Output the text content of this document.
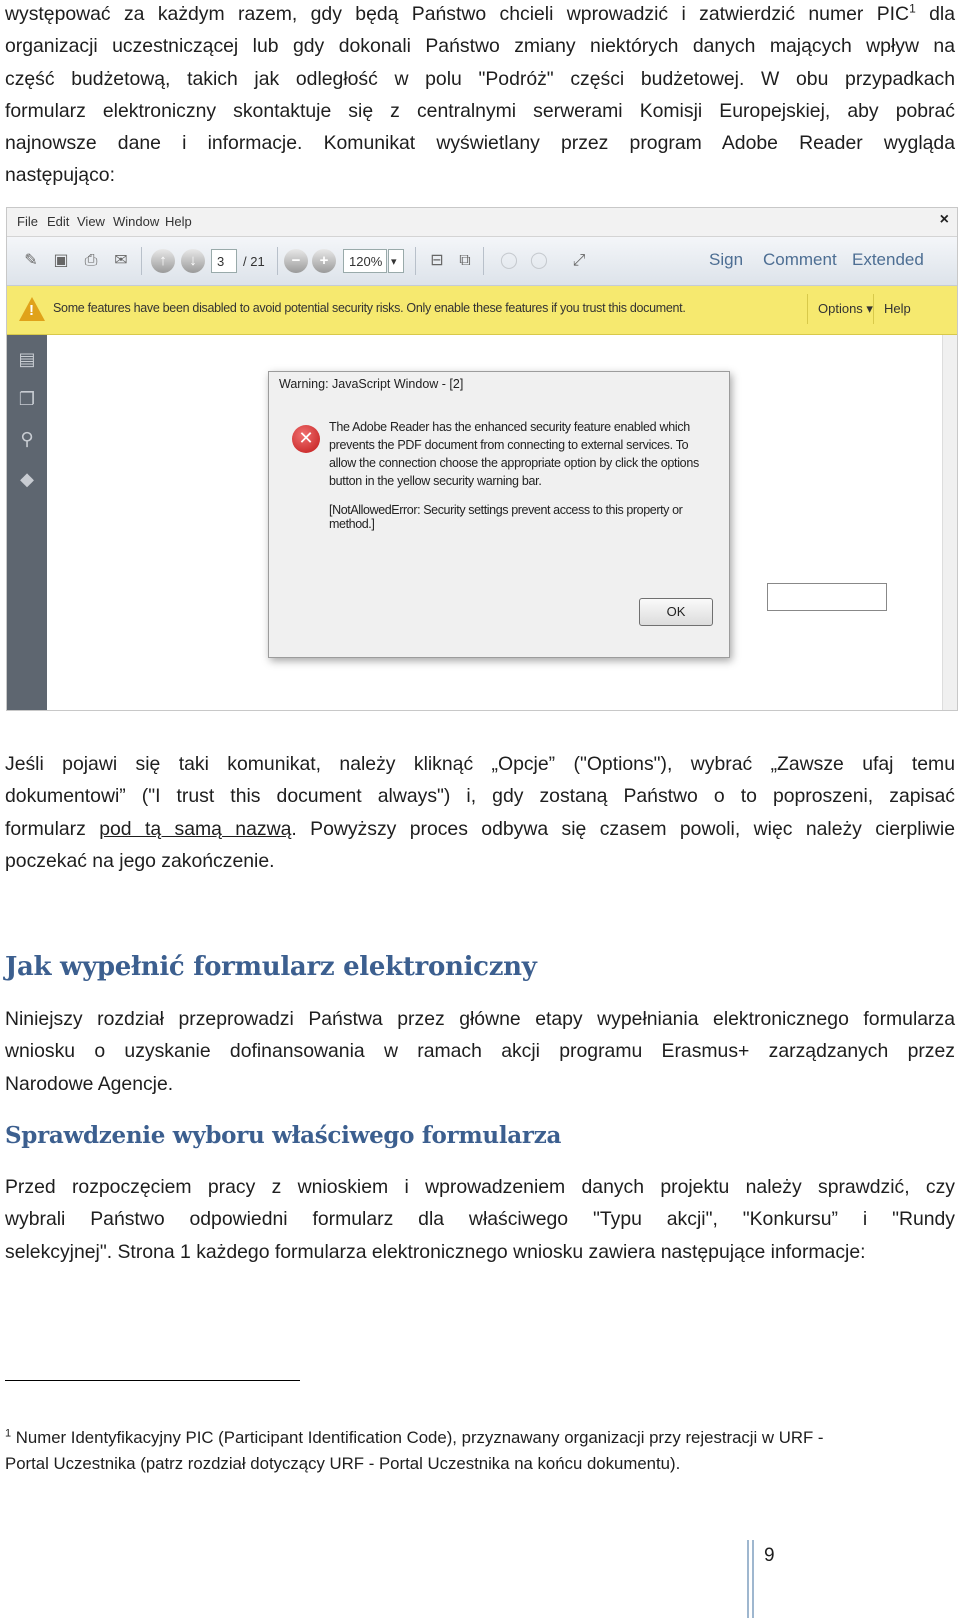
występować za każdym razem, gdy będą Państwo chcieli wprowadzić i zatwierdzić numer PIC$^1$ dla
organizacji uczestniczącej lub gdy dokonali Państwo zmiany niektórych danych mających wpływ na
część budżetową, takich jak odległość w polu "Podróż" części budżetowej. W obu przypadkach
formularz elektroniczny skontaktuje się z centralnymi serwerami Komisji Europejskiej, aby pobrać
najnowsze dane i informacje. Komunikat wyświetlany przez program Adobe Reader wygląda
następująco:
File Edit View Window Help	×
✎ ▣	⎙	✉	↑	↓	3	/ 21	−	+	120% ▾	⊟ ⧉	◯ ◯	⤢	Sign Comment Extended
! Some features have been disabled to avoid potential security risks. Only enable these features if you trust this document.	Options ▾ Help
▤
❐
⚲
◆
Warning: JavaScript Window - [2]
✕
The Adobe Reader has the enhanced security feature enabled which prevents the PDF document from connecting to external services. To allow the connection choose the appropriate option by click the options button in the yellow security warning bar.
[NotAllowedError: Security settings prevent access to this property or method.]
OK
Jeśli pojawi się taki komunikat, należy kliknąć „Opcje” ("Options"), wybrać „Zawsze ufaj temu
dokumentowi” ("I trust this document always") i, gdy zostaną Państwo o to poproszeni, zapisać
formularz pod tą samą nazwą. Powyższy proces odbywa się czasem powoli, więc należy cierpliwie
poczekać na jego zakończenie.
Jak wypełnić formularz elektroniczny
Niniejszy rozdział przeprowadzi Państwa przez główne etapy wypełniania elektronicznego formularza
wniosku o uzyskanie dofinansowania w ramach akcji programu Erasmus+ zarządzanych przez
Narodowe Agencje.
Sprawdzenie wyboru właściwego formularza
Przed rozpoczęciem pracy z wnioskiem i wprowadzeniem danych projektu należy sprawdzić, czy
wybrali Państwo odpowiedni formularz dla właściwego "Typu akcji", "Konkursu” i "Rundy
selekcyjnej". Strona 1 każdego formularza elektronicznego wniosku zawiera następujące informacje:
$^1$ Numer Identyfikacyjny PIC (Participant Identification Code), przyznawany organizacji przy rejestracji w URF -
Portal Uczestnika (patrz rozdział dotyczący URF - Portal Uczestnika na końcu dokumentu).
9
